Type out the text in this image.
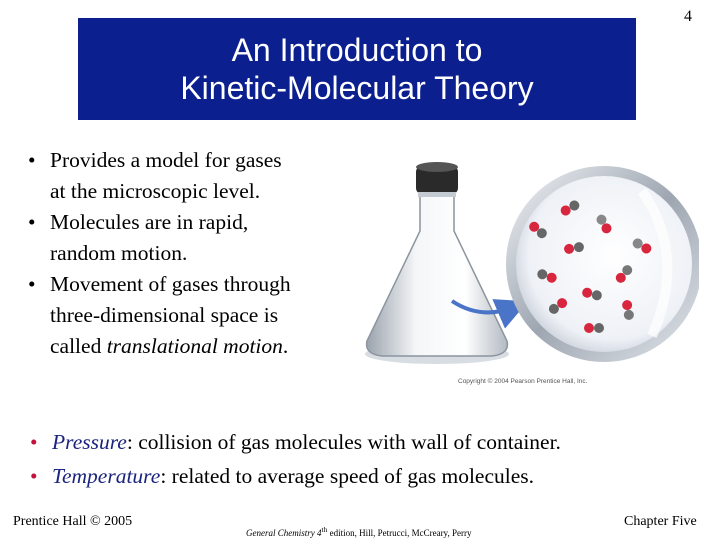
An Introduction to
Kinetic-Molecular Theory
4
• Provides a model for gases
at the microscopic level.
• Molecules are in rapid,
random motion.
• Movement of gases through
three-dimensional space is
called translational motion.
Copyright © 2004 Pearson Prentice Hall, Inc.
• Pressure: collision of gas molecules with wall of container.
• Temperature: related to average speed of gas molecules.
Prentice Hall © 2005
General Chemistry 4th edition, Hill, Petrucci, McCreary, Perry
Chapter Five
